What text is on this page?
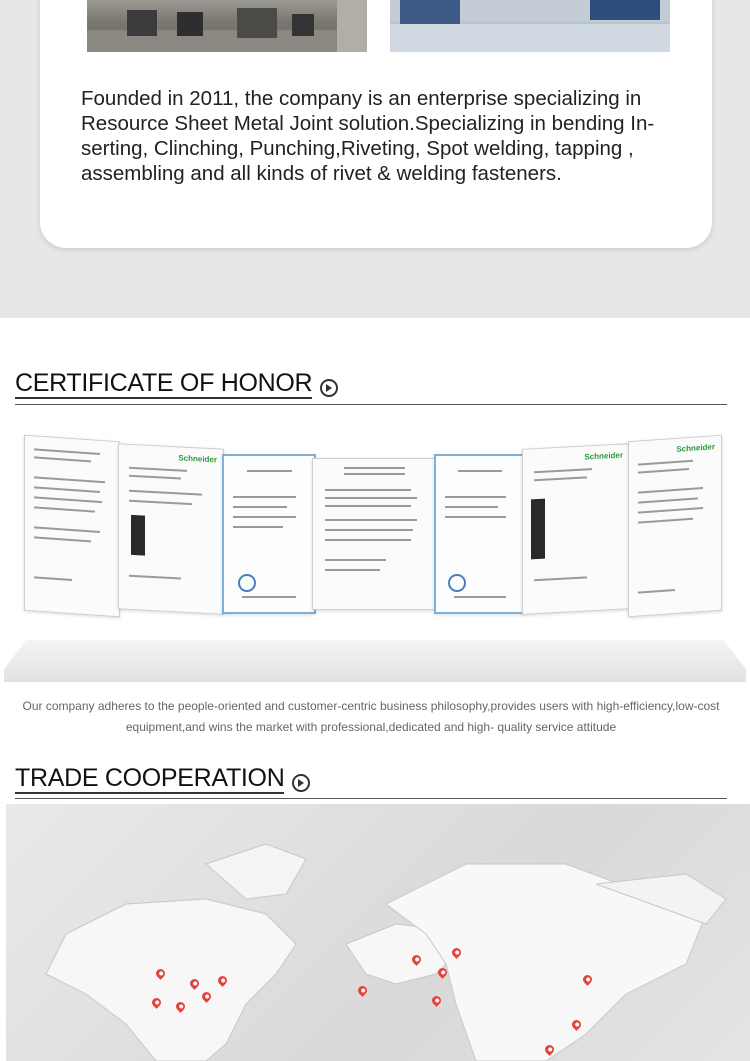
Founded in 2011, the company is an enterprise specializing in Resource Sheet Metal Joint solution.Specializing in bending In-serting, Clinching, Punching,Riveting, Spot welding, tapping , assembling and all kinds of rivet & welding fasteners.
CERTIFICATE OF HONOR
Schneider	Schneider
Schneider
Our company adheres to the people-oriented and customer-centric business philosophy,provides users with high-efficiency,low-cost
equipment,and wins the market with professional,dedicated and high- quality service attitude
TRADE COOPERATION
